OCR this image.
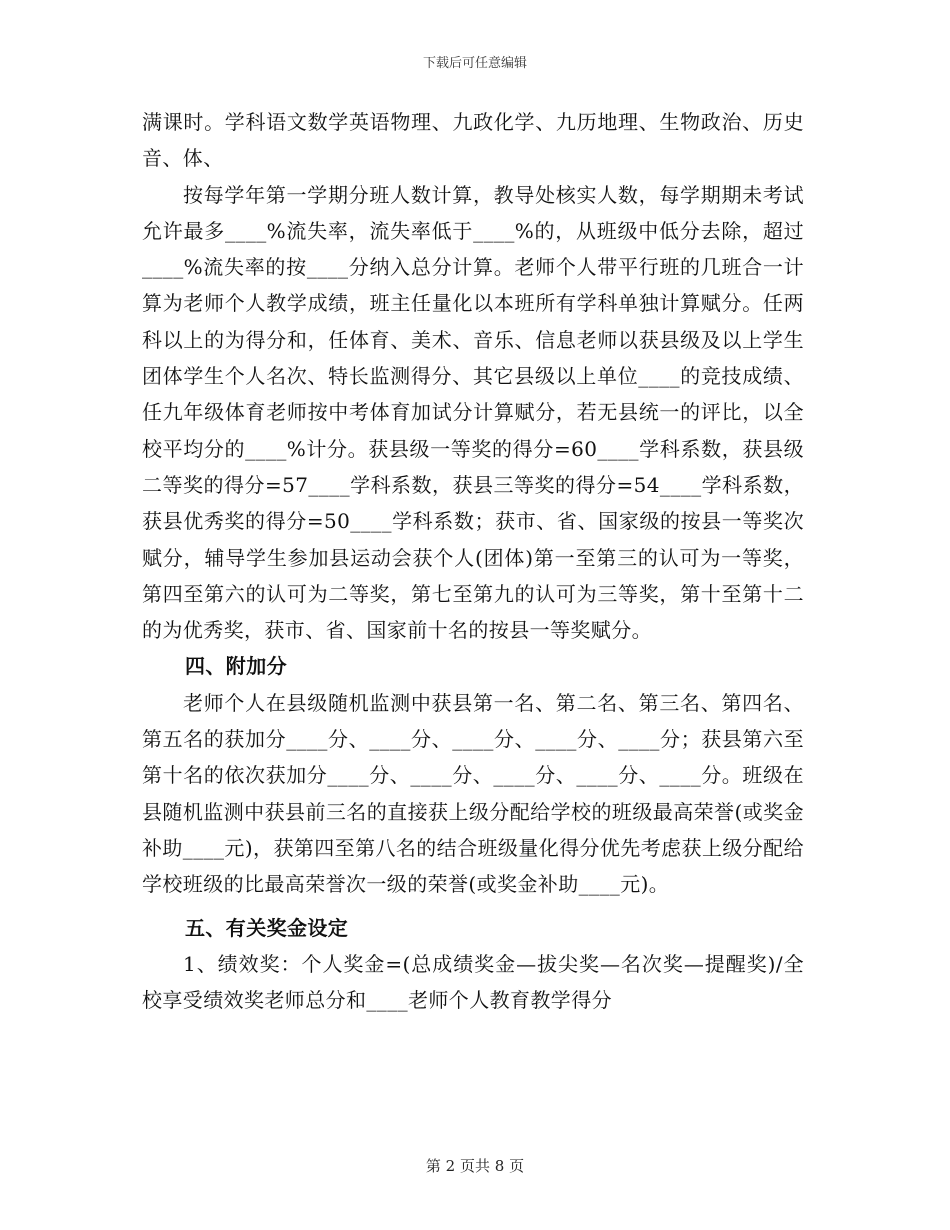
下载后可任意编辑

满课时。学科语文数学英语物理、九政化学、九历地理、生物政治、历史音、体、

按每学年第一学期分班人数计算，教导处核实人数，每学期期未考试允许最多____%流失率，流失率低于____%的，从班级中低分去除，超过____%流失率的按____分纳入总分计算。老师个人带平行班的几班合一计算为老师个人教学成绩，班主任量化以本班所有学科单独计算赋分。任两科以上的为得分和，任体育、美术、音乐、信息老师以获县级及以上学生团体学生个人名次、特长监测得分、其它县级以上单位____的竞技成绩、任九年级体育老师按中考体育加试分计算赋分，若无县统一的评比，以全校平均分的____%计分。获县级一等奖的得分=60____学科系数，获县级二等奖的得分=57____学科系数，获县三等奖的得分=54____学科系数，获县优秀奖的得分=50____学科系数；获市、省、国家级的按县一等奖次赋分，辅导学生参加县运动会获个人(团体)第一至第三的认可为一等奖，第四至第六的认可为二等奖，第七至第九的认可为三等奖，第十至第十二的为优秀奖，获市、省、国家前十名的按县一等奖赋分。

四、附加分

老师个人在县级随机监测中获县第一名、第二名、第三名、第四名、第五名的获加分____分、____分、____分、____分、____分；获县第六至第十名的依次获加分____分、____分、____分、____分、____分。班级在县随机监测中获县前三名的直接获上级分配给学校的班级最高荣誉(或奖金补助____元)，获第四至第八名的结合班级量化得分优先考虑获上级分配给学校班级的比最高荣誉次一级的荣誉(或奖金补助____元)。

五、有关奖金设定

1、绩效奖：个人奖金=(总成绩奖金—拔尖奖—名次奖—提醒奖)/全校享受绩效奖老师总分和____老师个人教育教学得分

第 2 页共 8 页
